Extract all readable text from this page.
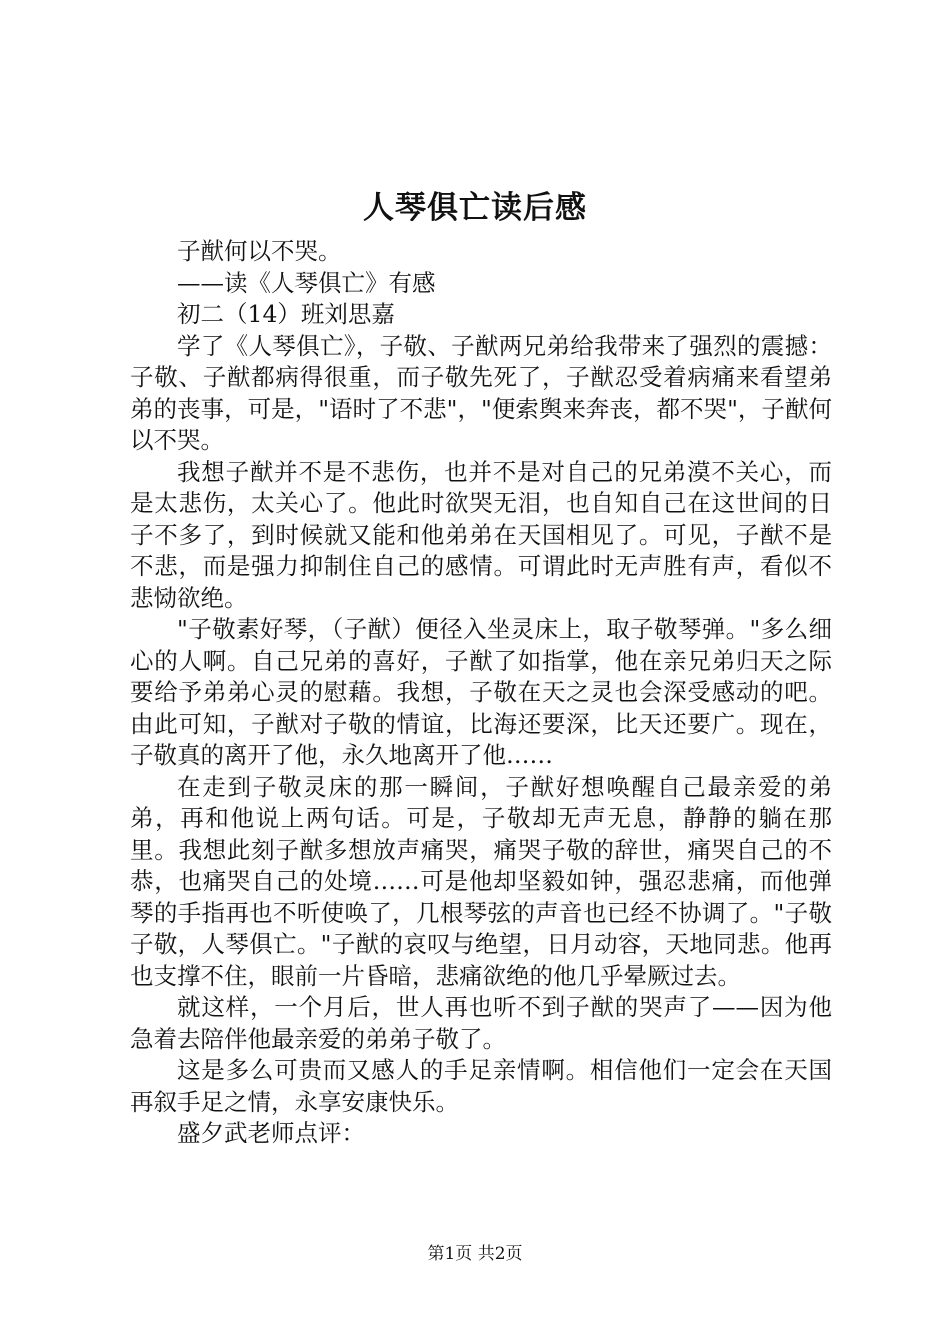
人琴俱亡读后感

子猷何以不哭。

——读《人琴俱亡》有感

初二（14）班刘思嘉

学了《人琴俱亡》，子敬、子猷两兄弟给我带来了强烈的震撼：子敬、子猷都病得很重，而子敬先死了，子猷忍受着病痛来看望弟弟的丧事，可是，"语时了不悲"，"便索舆来奔丧，都不哭"，子猷何以不哭。

我想子猷并不是不悲伤，也并不是对自己的兄弟漠不关心，而是太悲伤，太关心了。他此时欲哭无泪，也自知自己在这世间的日子不多了，到时候就又能和他弟弟在天国相见了。可见，子猷不是不悲，而是强力抑制住自己的感情。可谓此时无声胜有声，看似不悲恸欲绝。

"子敬素好琴，（子猷）便径入坐灵床上，取子敬琴弹。"多么细心的人啊。自己兄弟的喜好，子猷了如指掌，他在亲兄弟归天之际要给予弟弟心灵的慰藉。我想，子敬在天之灵也会深受感动的吧。由此可知，子猷对子敬的情谊，比海还要深，比天还要广。现在，子敬真的离开了他，永久地离开了他……

在走到子敬灵床的那一瞬间，子猷好想唤醒自己最亲爱的弟弟，再和他说上两句话。可是，子敬却无声无息，静静的躺在那里。我想此刻子猷多想放声痛哭，痛哭子敬的辞世，痛哭自己的不恭，也痛哭自己的处境……可是他却坚毅如钟，强忍悲痛，而他弹琴的手指再也不听使唤了，几根琴弦的声音也已经不协调了。"子敬子敬，人琴俱亡。"子猷的哀叹与绝望，日月动容，天地同悲。他再也支撑不住，眼前一片昏暗，悲痛欲绝的他几乎晕厥过去。

就这样，一个月后，世人再也听不到子猷的哭声了——因为他急着去陪伴他最亲爱的弟弟子敬了。

这是多么可贵而又感人的手足亲情啊。相信他们一定会在天国再叙手足之情，永享安康快乐。

盛夕武老师点评：

第1页 共2页
